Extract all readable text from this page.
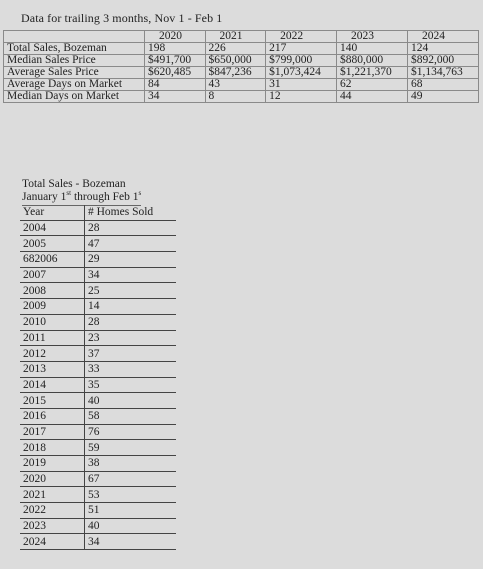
Data for trailing 3 months, Nov 1 - Feb 1
	2020	2021	2022	2023	2024
Total Sales, Bozeman	198	226	217	140	124
Median Sales Price	$491,700	$650,000	$799,000	$880,000	$892,000
Average Sales Price	$620,485	$847,236	$1,073,424	$1,221,370	$1,134,763
Average Days on Market	84	43	31	62	68
Median Days on Market	34	8	12	44	49
Total Sales - Bozeman
January 1st through Feb 1$^s$
Year	# Homes Sold
2004	28
2005	47
682006	29
2007	34
2008	25
2009	14
2010	28
2011	23
2012	37
2013	33
2014	35
2015	40
2016	58
2017	76
2018	59
2019	38
2020	67
2021	53
2022	51
2023	40
2024	34
